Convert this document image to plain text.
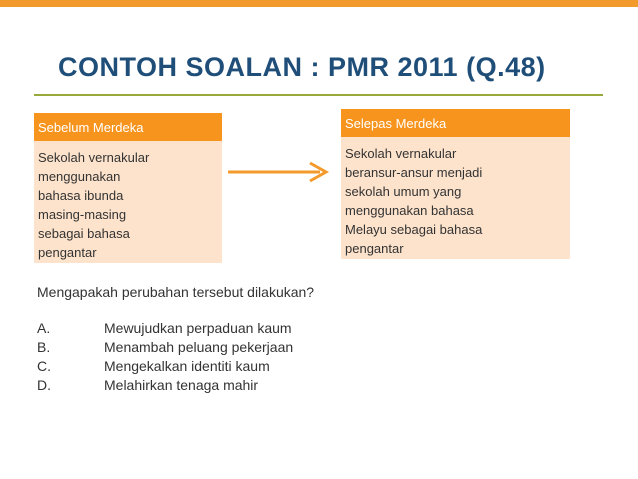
CONTOH SOALAN : PMR 2011 (Q.48)
Sebelum Merdeka
Sekolah vernakular
menggunakan
bahasa ibunda
masing-masing
sebagai bahasa
pengantar
Selepas Merdeka
Sekolah vernakular
beransur-ansur menjadi
sekolah umum yang
menggunakan bahasa
Melayu sebagai bahasa
pengantar
Mengapakah perubahan tersebut dilakukan?
A.	Mewujudkan perpaduan kaum
B.	Menambah peluang pekerjaan
C.	Mengekalkan identiti kaum
D.	Melahirkan tenaga mahir
